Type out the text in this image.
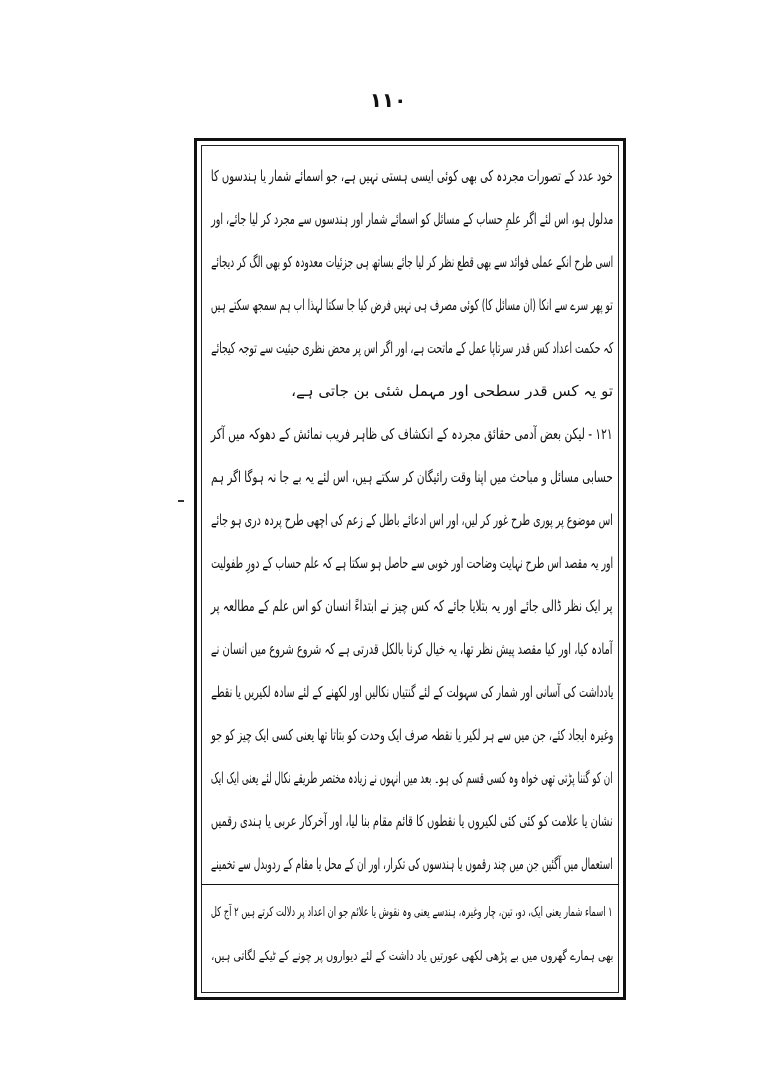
۱۱۰
خود عدد کے تصورات مجردہ کی بھی کوئی ایسی ہستی نہیں ہے، جو اسمائے شمار یا ہندسوں کا
مدلول ہو، اس لئے اگر علمِ حساب کے مسائل کو اسمائے شمار اور ہندسوں سے مجرد کر لیا جائے، اور
اسی طرح انکے عملی فوائد سے بھی قطع نظر کر لیا جائے بساتھ ہی جزئیات معدودہ کو بھی الگ کر دیجائے
تو پھر سرے سے انکا (ان مسائل کا) کوئی مصرف ہی نہیں فرض کیا جا سکتا لہذا اب ہم سمجھ سکتے ہیں
کہ حکمت اعداد کس قدر سرتاپا عمل کے ماتحت ہے، اور اگر اس پر محض نظری حیثیت سے توجہ کیجائے
تو یہ کس قدر سطحی اور مہمل شئی بن جاتی ہے،
۱۲۱ - لیکن بعض آدمی حقائق مجردہ کے انکشاف کی ظاہر فریب نمائش کے دھوکہ میں آکر
حسابی مسائل و مباحث میں اپنا وقت رائیگان کر سکتے ہیں، اس لئے یہ بے جا نہ ہوگا اگر ہم
اس موضوع پر پوری طرح غور کر لیں، اور اس ادعائے باطل کے زعم کی اچھی طرح پردہ دری ہو جائے
اور یہ مقصد اس طرح نہایت وضاحت اور خوبی سے حاصل ہو سکتا ہے کہ علم حساب کے دورِ طفولیت
پر ایک نظر ڈالی جائے اور یہ بتلایا جائے کہ کس چیز نے ابتداءً انسان کو اس علم کے مطالعہ پر
آمادہ کیا، اور کیا مقصد پیش نظر تھا، یہ خیال کرنا بالکل قدرتی ہے کہ شروع شروع میں انسان نے
یادداشت کی آسانی اور شمار کی سہولت کے لئے گنتیاں نکالیں اور لکھنے کے لئے سادہ لکیریں یا نقطے
وغیرہ ایجاد کئے، جن میں سے ہر لکیر یا نقطہ صرف ایک وحدت کو بتاتا تھا یعنی کسی ایک چیز کو جو
ان کو گننا پڑتی تھی خواہ وہ کسی قسم کی ہو۔ بعد میں انہوں نے زیادہ مختصر طریقے نکال لئے یعنی ایک ایک
نشان یا علامت کو کئی کئی لکیروں یا نقطوں کا قائم مقام بنا لیا، اور آخرکار عربی یا ہندی رقمیں
استعمال میں آگئیں جن میں چند رقموں یا ہندسوں کی تکرار، اور ان کے محل یا مقام کے ردوبدل سے تخمینے
۱ اسماء شمار یعنی ایک، دو، تین، چار وغیرہ، ہندسے یعنی وہ نقوش یا علائم جو ان اعداد پر دلالت کرتے ہیں ۲ آج کل
بھی ہمارے گھروں میں بے پڑھی لکھی عورتیں یاد داشت کے لئے دیواروں پر چونے کے ٹیکے لگاتی ہیں،
